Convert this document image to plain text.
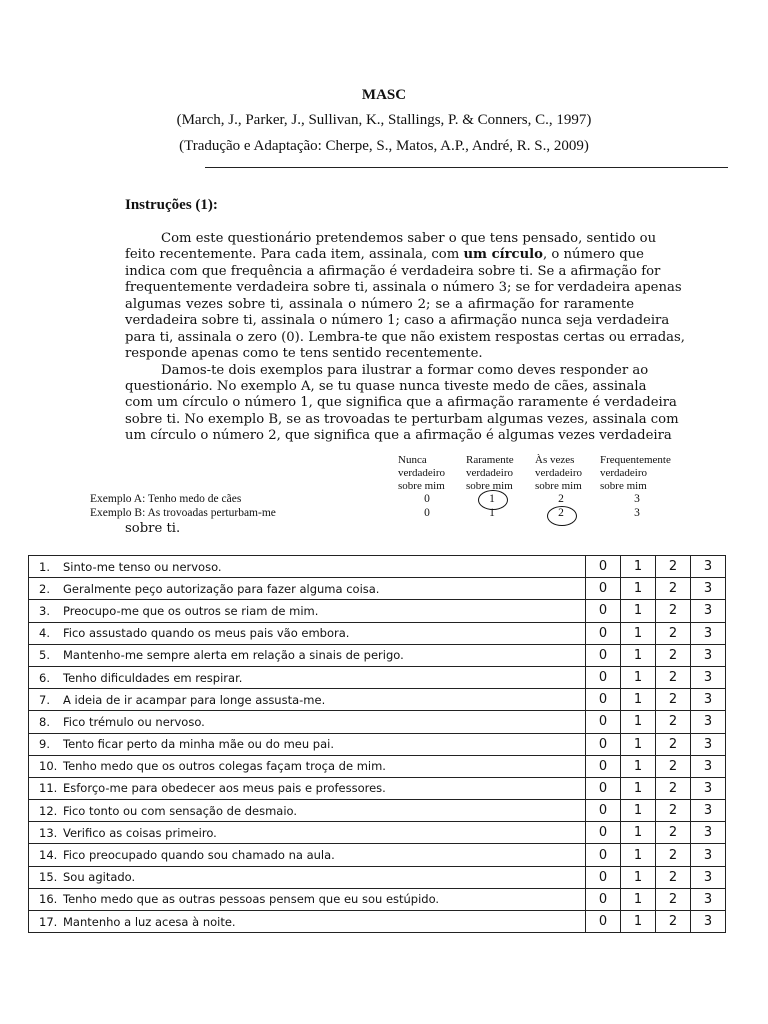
MASC
(March, J., Parker, J., Sullivan, K., Stallings, P. & Conners, C., 1997)
(Tradução e Adaptação: Cherpe, S., Matos, A.P., André, R. S., 2009)
Instruções (1):
Com este questionário pretendemos saber o que tens pensado, sentido ou
feito recentemente. Para cada item, assinala, com um círculo, o número que
indica com que frequência a afirmação é verdadeira sobre ti. Se a afirmação for
frequentemente verdadeira sobre ti, assinala o número 3; se for verdadeira apenas
algumas vezes sobre ti, assinala o número 2; se a afirmação for raramente
verdadeira sobre ti, assinala o número 1; caso a afirmação nunca seja verdadeira
para ti, assinala o zero (0). Lembra-te que não existem respostas certas ou erradas,
responde apenas como te tens sentido recentemente.
Damos-te dois exemplos para ilustrar a formar como deves responder ao
questionário. No exemplo A, se tu quase nunca tiveste medo de cães, assinala
com um círculo o número 1, que significa que a afirmação raramente é verdadeira
sobre ti. No exemplo B, se as trovoadas te perturbam algumas vezes, assinala com
um círculo o número 2, que significa que a afirmação é algumas vezes verdadeira
Nunca
verdadeiro
sobre mim
Raramente
verdadeiro
sobre mim
Às vezes
verdadeiro
sobre mim
Frequentemente
verdadeiro
sobre mim
Exemplo A: Tenho medo de cães	0	1	2	3
Exemplo B: As trovoadas perturbam-me	0	1	2	3
sobre ti.
1. Sinto-me tenso ou nervoso.	0	1	2	3
2. Geralmente peço autorização para fazer alguma coisa.	0	1	2	3
3. Preocupo-me que os outros se riam de mim.	0	1	2	3
4. Fico assustado quando os meus pais vão embora.	0	1	2	3
5. Mantenho-me sempre alerta em relação a sinais de perigo.	0	1	2	3
6. Tenho dificuldades em respirar.	0	1	2	3
7. A ideia de ir acampar para longe assusta-me.	0	1	2	3
8. Fico trémulo ou nervoso.	0	1	2	3
9. Tento ficar perto da minha mãe ou do meu pai.	0	1	2	3
10. Tenho medo que os outros colegas façam troça de mim.	0	1	2	3
11. Esforço-me para obedecer aos meus pais e professores.	0	1	2	3
12. Fico tonto ou com sensação de desmaio.	0	1	2	3
13. Verifico as coisas primeiro.	0	1	2	3
14. Fico preocupado quando sou chamado na aula.	0	1	2	3
15. Sou agitado.	0	1	2	3
16. Tenho medo que as outras pessoas pensem que eu sou estúpido.	0	1	2	3
17. Mantenho a luz acesa à noite.	0	1	2	3
